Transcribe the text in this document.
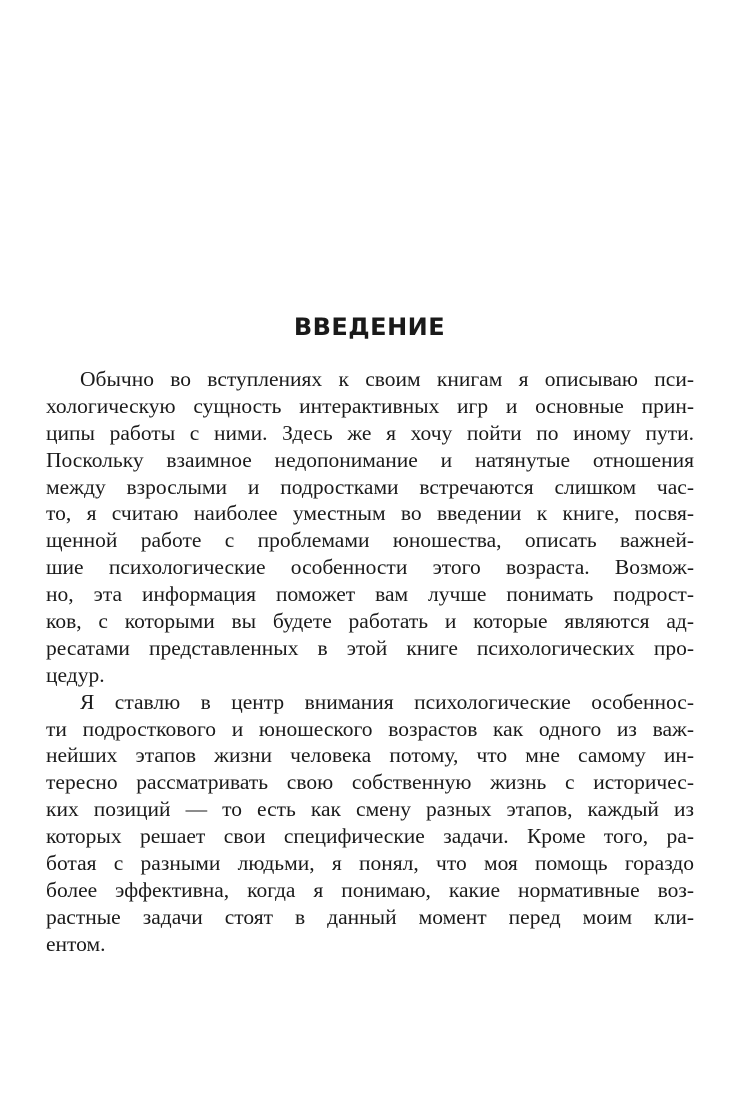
ВВЕДЕНИЕ

Обычно во вступлениях к своим книгам я описываю пси-
хологическую сущность интерактивных игр и основные прин-
ципы работы с ними. Здесь же я хочу пойти по иному пути.
Поскольку взаимное недопонимание и натянутые отношения
между взрослыми и подростками встречаются слишком час-
то, я считаю наиболее уместным во введении к книге, посвя-
щенной работе с проблемами юношества, описать важней-
шие психологические особенности этого возраста. Возмож-
но, эта информация поможет вам лучше понимать подрост-
ков, с которыми вы будете работать и которые являются ад-
ресатами представленных в этой книге психологических про-
цедур.

Я ставлю в центр внимания психологические особеннос-
ти подросткового и юношеского возрастов как одного из важ-
нейших этапов жизни человека потому, что мне самому ин-
тересно рассматривать свою собственную жизнь с историчес-
ких позиций — то есть как смену разных этапов, каждый из
которых решает свои специфические задачи. Кроме того, ра-
ботая с разными людьми, я понял, что моя помощь гораздо
более эффективна, когда я понимаю, какие нормативные воз-
растные задачи стоят в данный момент перед моим кли-
ентом.
